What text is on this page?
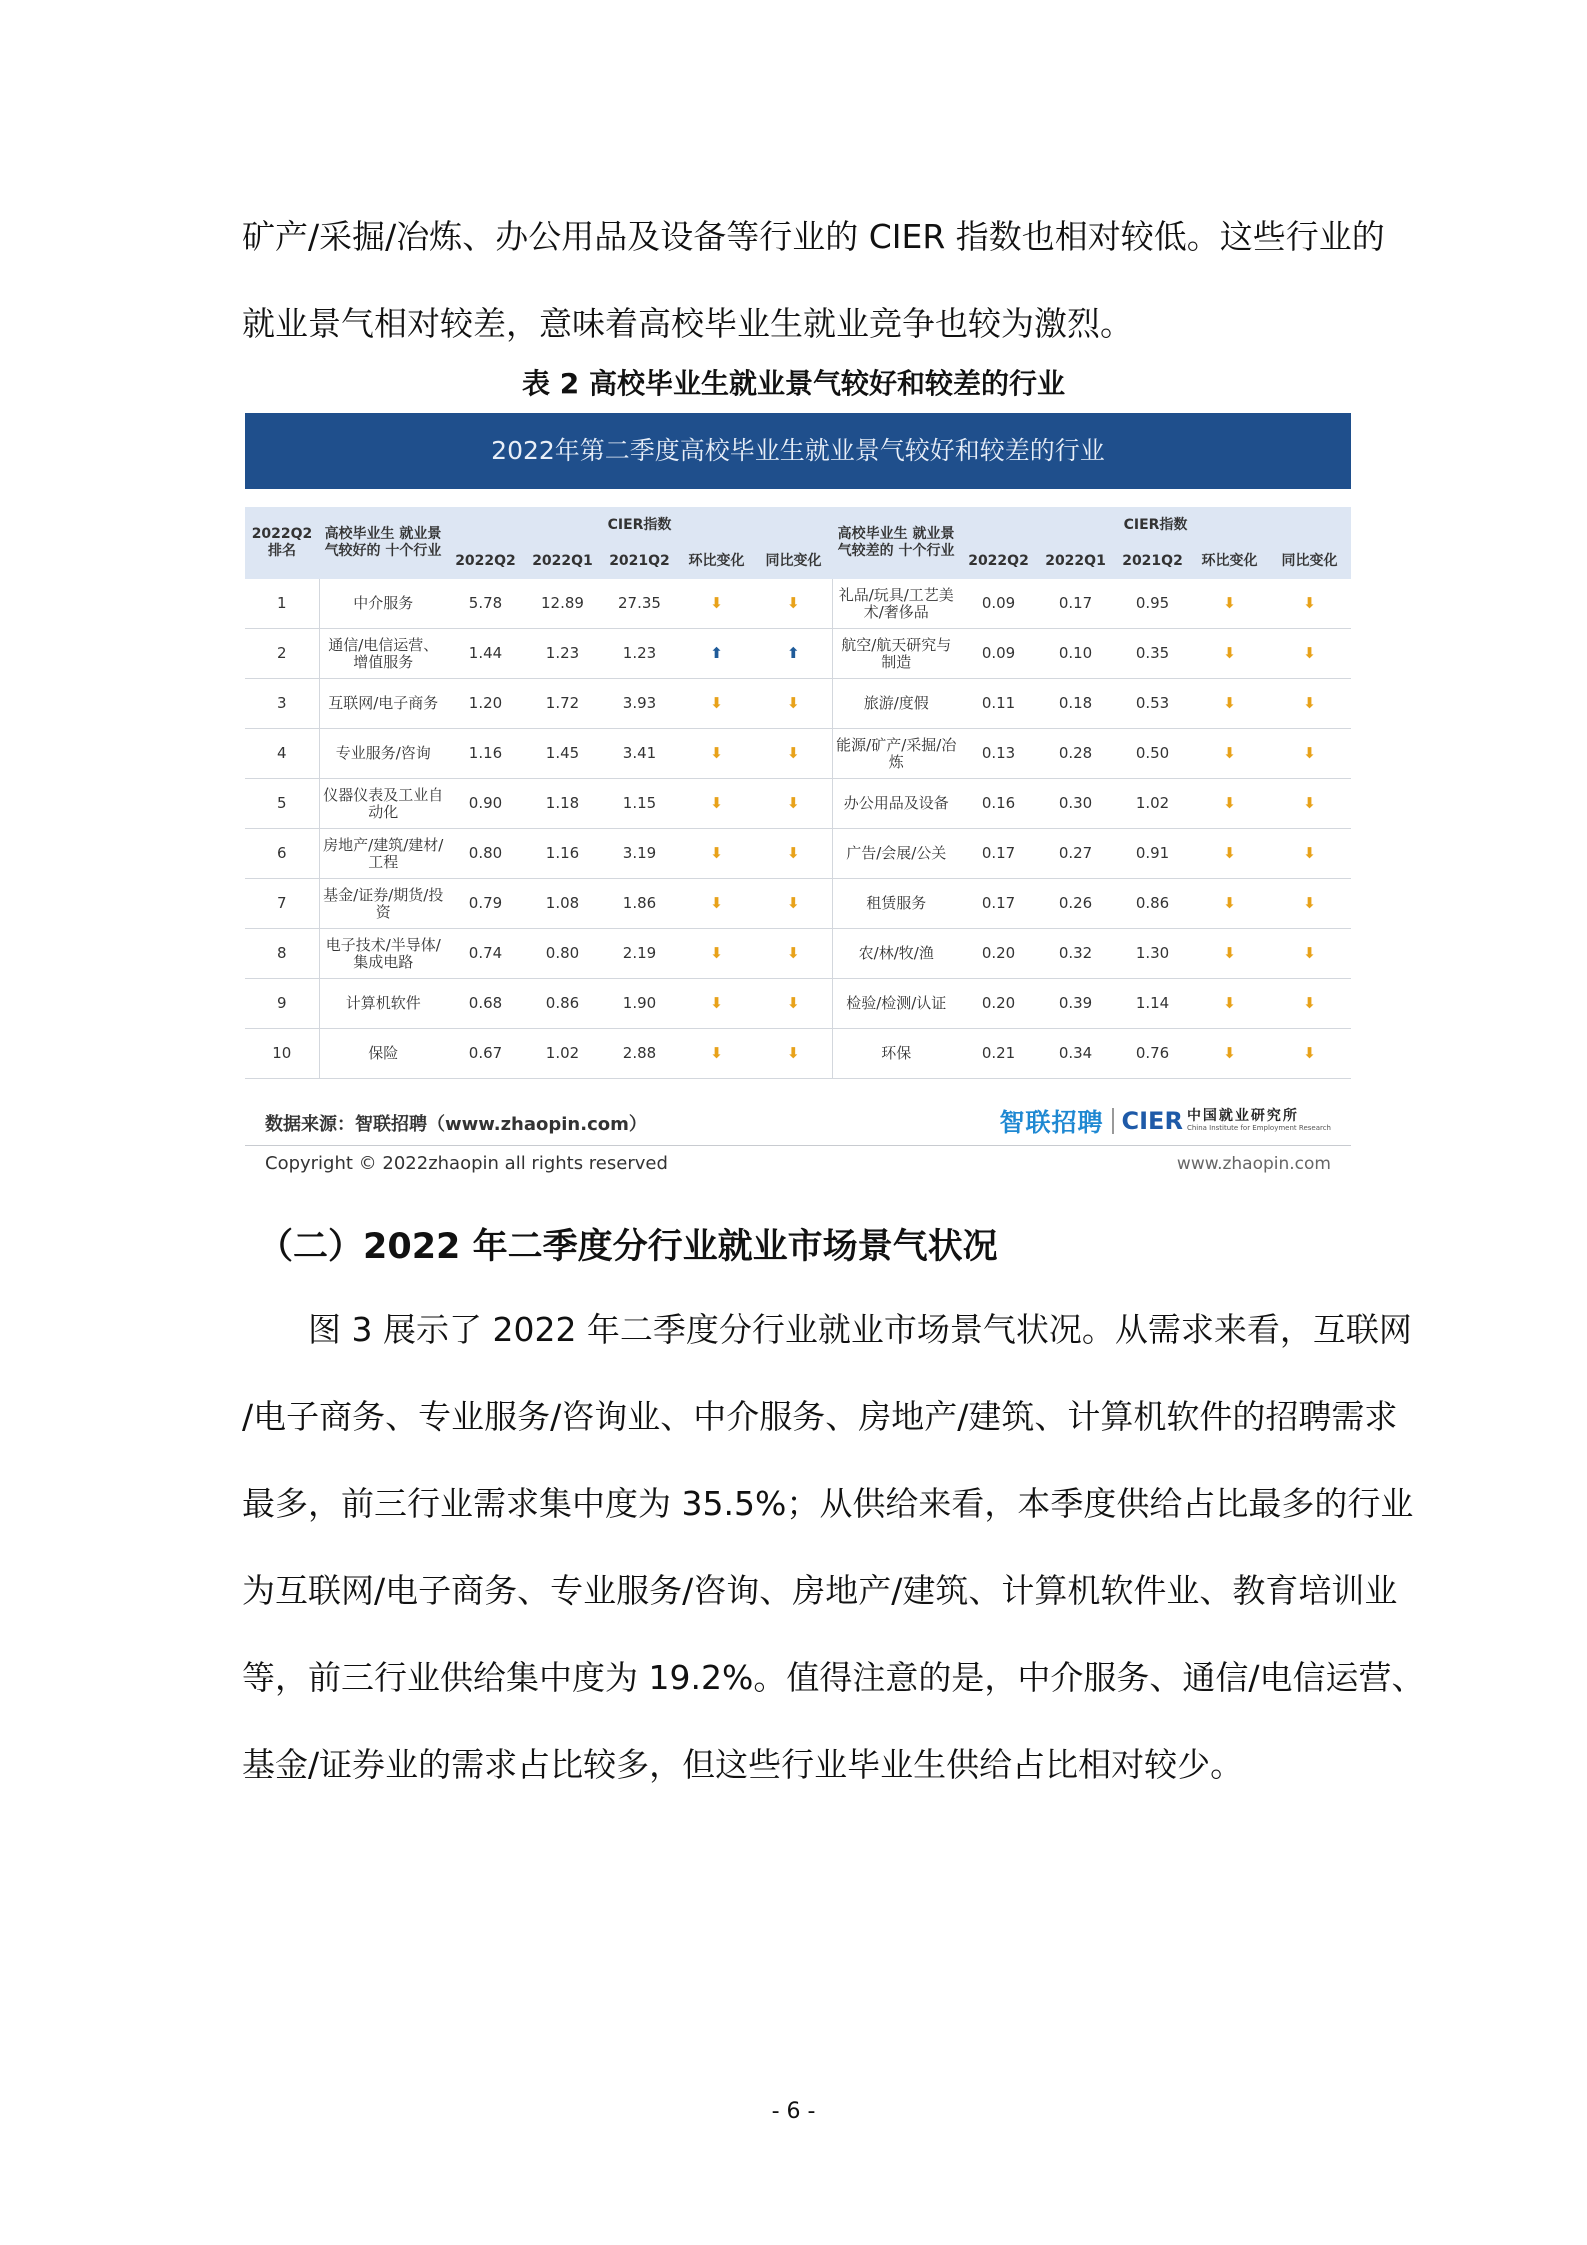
矿产/采掘/冶炼、办公用品及设备等行业的 CIER 指数也相对较低。这些行业的
就业景气相对较差，意味着高校毕业生就业竞争也较为激烈。

表 2 高校毕业生就业景气较好和较差的行业

2022年第二季度高校毕业生就业景气较好和较差的行业
2022Q2 排名	高校毕业生 就业景气较好的 十个行业	CIER指数					高校毕业生 就业景气较差的 十个行业	CIER指数				
		2022Q2	2022Q1	2021Q2	环比变化	同比变化		2022Q2	2022Q1	2021Q2	环比变化	同比变化
1	中介服务	5.78	12.89	27.35	⬇	⬇	礼品/玩具/工艺美术/奢侈品	0.09	0.17	0.95	⬇	⬇
2	通信/电信运营、增值服务	1.44	1.23	1.23	⬆	⬆	航空/航天研究与制造	0.09	0.10	0.35	⬇	⬇
3	互联网/电子商务	1.20	1.72	3.93	⬇	⬇	旅游/度假	0.11	0.18	0.53	⬇	⬇
4	专业服务/咨询	1.16	1.45	3.41	⬇	⬇	能源/矿产/采掘/冶炼	0.13	0.28	0.50	⬇	⬇
5	仪器仪表及工业自动化	0.90	1.18	1.15	⬇	⬇	办公用品及设备	0.16	0.30	1.02	⬇	⬇
6	房地产/建筑/建材/工程	0.80	1.16	3.19	⬇	⬇	广告/会展/公关	0.17	0.27	0.91	⬇	⬇
7	基金/证券/期货/投资	0.79	1.08	1.86	⬇	⬇	租赁服务	0.17	0.26	0.86	⬇	⬇
8	电子技术/半导体/集成电路	0.74	0.80	2.19	⬇	⬇	农/林/牧/渔	0.20	0.32	1.30	⬇	⬇
9	计算机软件	0.68	0.86	1.90	⬇	⬇	检验/检测/认证	0.20	0.39	1.14	⬇	⬇
10	保险	0.67	1.02	2.88	⬇	⬇	环保	0.21	0.34	0.76	⬇	⬇
数据来源：智联招聘（www.zhaopin.com）	智联招聘 CIER 中国就业研究所
China Institute for Employment Research
Copyright © 2022zhaopin all rights reserved	www.zhaopin.com

（二）2022 年二季度分行业就业市场景气状况

图 3 展示了 2022 年二季度分行业就业市场景气状况。从需求来看，互联网
/电子商务、专业服务/咨询业、中介服务、房地产/建筑、计算机软件的招聘需求
最多，前三行业需求集中度为 35.5%；从供给来看，本季度供给占比最多的行业
为互联网/电子商务、专业服务/咨询、房地产/建筑、计算机软件业、教育培训业
等，前三行业供给集中度为 19.2%。值得注意的是，中介服务、通信/电信运营、
基金/证券业的需求占比较多，但这些行业毕业生供给占比相对较少。

- 6 -
